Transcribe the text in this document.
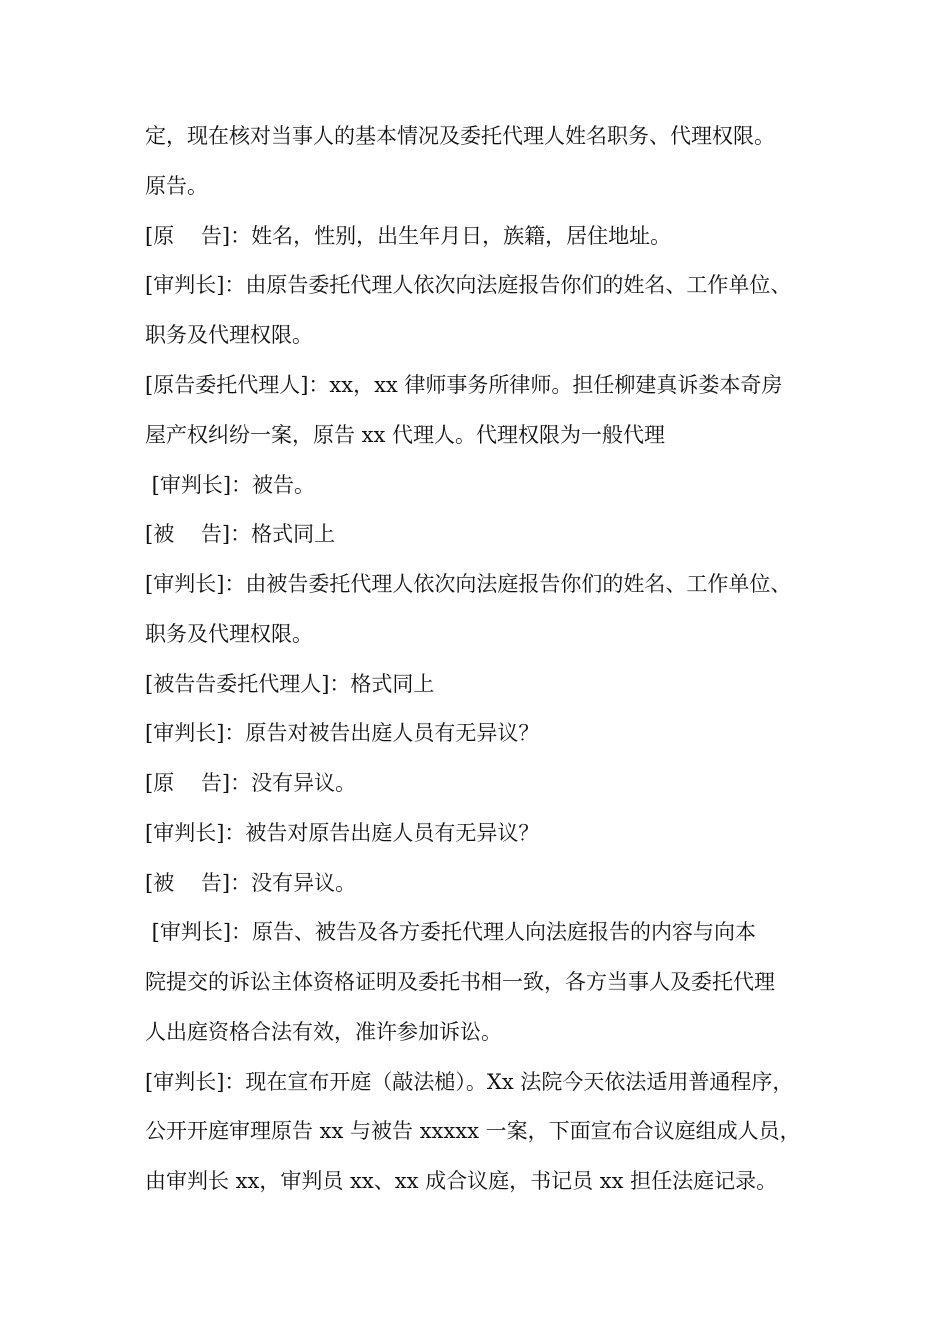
定，现在核对当事人的基本情况及委托代理人姓名职务、代理权限。

原告。

[原    告]：姓名，性别，出生年月日，族籍，居住地址。

[审判长]：由原告委托代理人依次向法庭报告你们的姓名、工作单位、

职务及代理权限。

[原告委托代理人]：xx，xx 律师事务所律师。担任柳建真诉娄本奇房

屋产权纠纷一案，原告 xx 代理人。代理权限为一般代理

[审判长]：被告。

[被    告]：格式同上

[审判长]：由被告委托代理人依次向法庭报告你们的姓名、工作单位、

职务及代理权限。

[被告告委托代理人]：格式同上

[审判长]：原告对被告出庭人员有无异议？

[原    告]：没有异议。

[审判长]：被告对原告出庭人员有无异议？

[被    告]：没有异议。

[审判长]：原告、被告及各方委托代理人向法庭报告的内容与向本

院提交的诉讼主体资格证明及委托书相一致，各方当事人及委托代理

人出庭资格合法有效，准许参加诉讼。

[审判长]：现在宣布开庭（敲法槌）。Xx 法院今天依法适用普通程序，

公开开庭审理原告 xx 与被告 xxxxx 一案，下面宣布合议庭组成人员，

由审判长 xx，审判员 xx、xx 成合议庭，书记员 xx 担任法庭记录。
